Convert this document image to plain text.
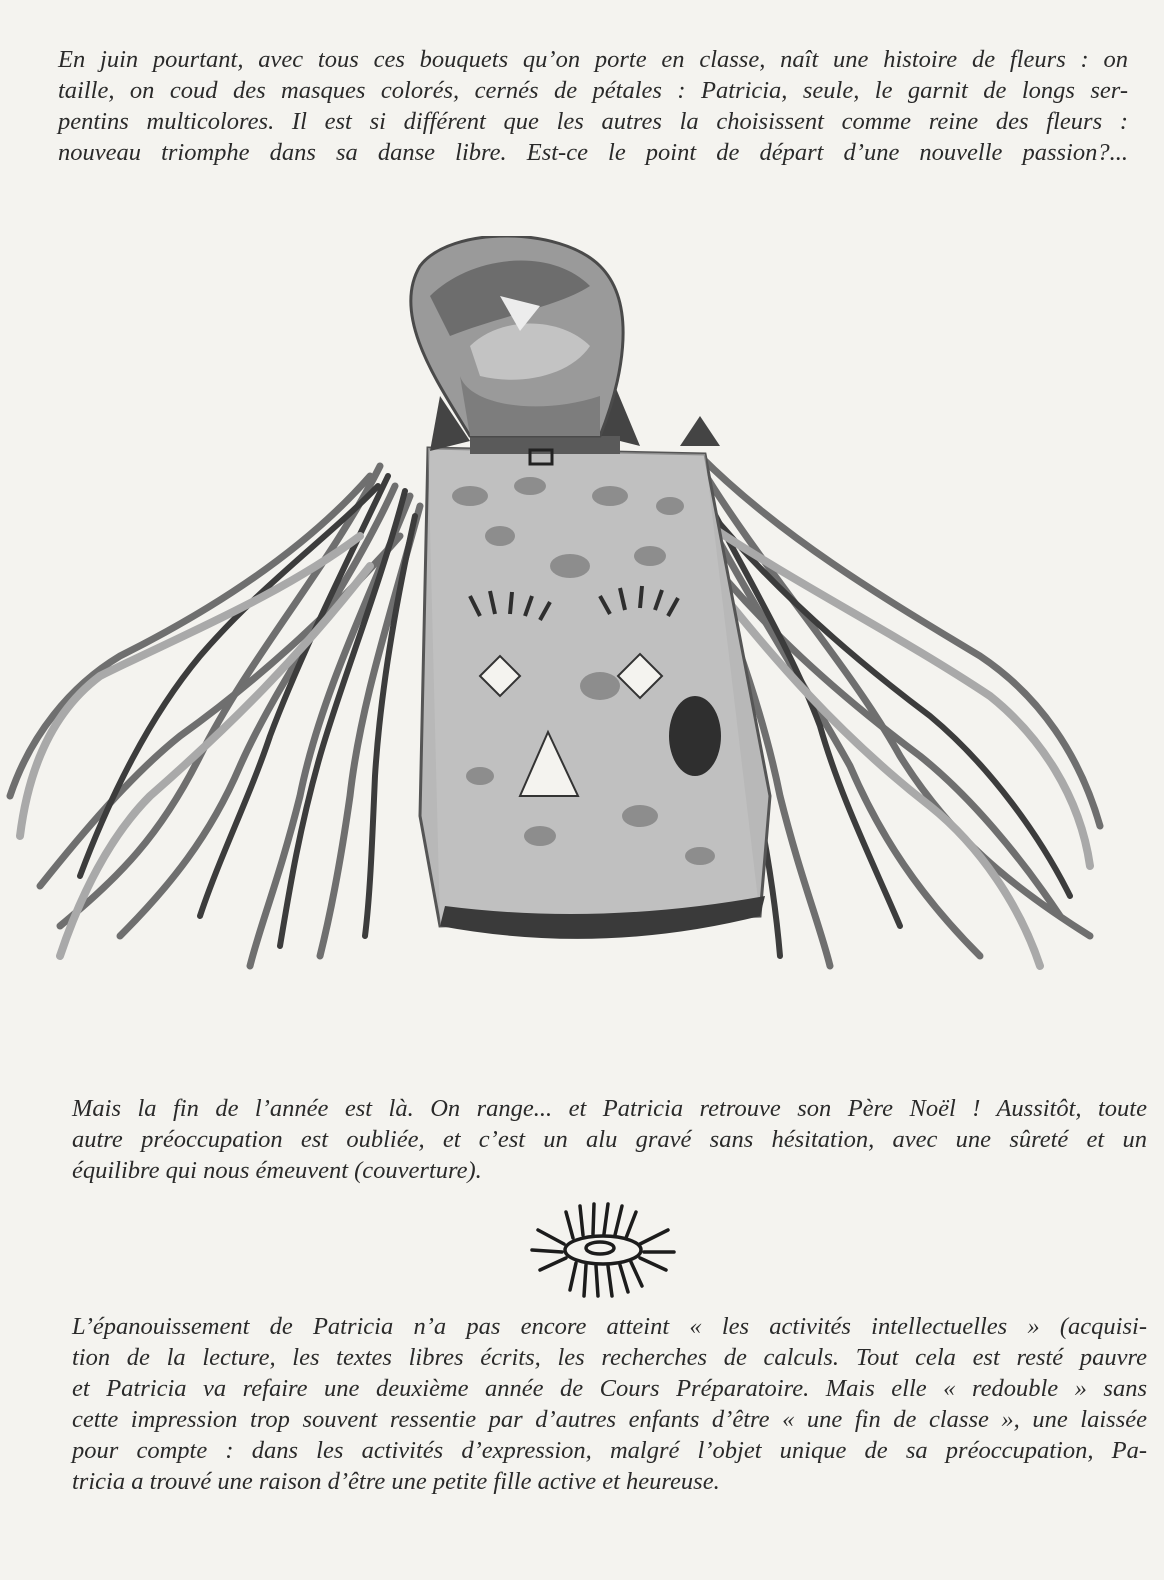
En juin pourtant, avec tous ces bouquets qu’on porte en classe, naît une histoire de fleurs : on
taille, on coud des masques colorés, cernés de pétales : Patricia, seule, le garnit de longs ser-
pentins multicolores. Il est si différent que les autres la choisissent comme reine des fleurs :
nouveau triomphe dans sa danse libre. Est-ce le point de départ d’une nouvelle passion?...
Mais la fin de l’année est là. On range... et Patricia retrouve son Père Noël ! Aussitôt, toute
autre préoccupation est oubliée, et c’est un alu gravé sans hésitation, avec une sûreté et un
équilibre qui nous émeuvent (couverture).
L’épanouissement de Patricia n’a pas encore atteint « les activités intellectuelles » (acquisi-
tion de la lecture, les textes libres écrits, les recherches de calculs. Tout cela est resté pauvre
et Patricia va refaire une deuxième année de Cours Préparatoire. Mais elle « redouble » sans
cette impression trop souvent ressentie par d’autres enfants d’être « une fin de classe », une laissée
pour compte : dans les activités d’expression, malgré l’objet unique de sa préoccupation, Pa-
tricia a trouvé une raison d’être une petite fille active et heureuse.
